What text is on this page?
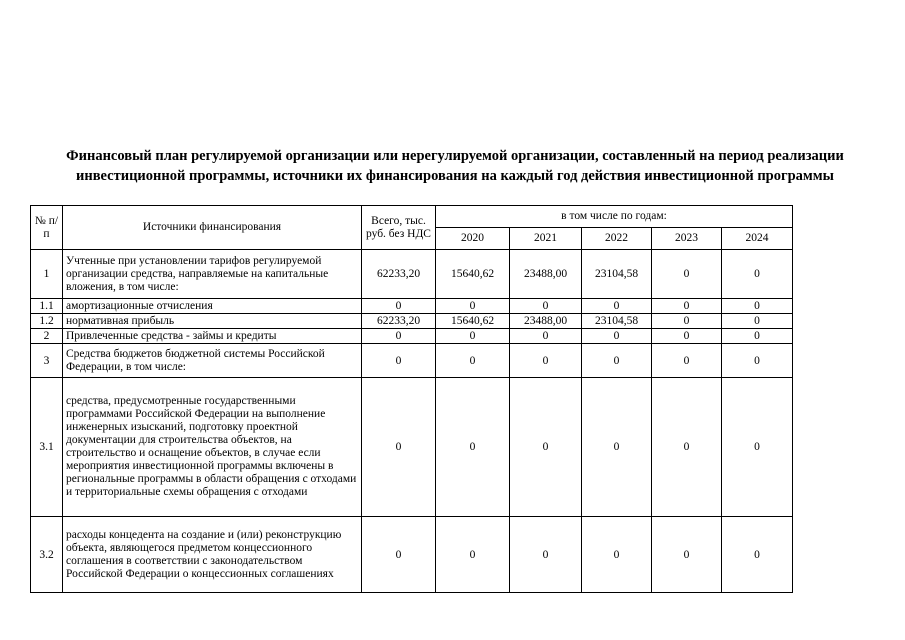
Финансовый план регулируемой организации или нерегулируемой организации, составленный на период реализации инвестиционной программы, источники их финансирования на каждый год действия инвестиционной программы
№ п/п	Источники финансирования	Всего, тыс. руб. без НДС	в том числе по годам:				
			2020	2021	2022	2023	2024
1	Учтенные при установлении тарифов регулируемой организации средства, направляемые на капитальные вложения, в том числе:	62233,20	15640,62	23488,00	23104,58	0	0
1.1	амортизационные отчисления	0	0	0	0	0	0
1.2	нормативная прибыль	62233,20	15640,62	23488,00	23104,58	0	0
2	Привлеченные средства - займы и кредиты	0	0	0	0	0	0
3	Средства бюджетов бюджетной системы Российской Федерации, в том числе:	0	0	0	0	0	0
3.1	средства, предусмотренные государственными программами Российской Федерации на выполнение инженерных изысканий, подготовку проектной документации для строительства объектов, на строительство и оснащение объектов, в случае если мероприятия инвестиционной программы включены в региональные программы в области обращения с отходами и территориальные схемы обращения с отходами	0	0	0	0	0	0
3.2	расходы концедента на создание и (или) реконструкцию объекта, являющегося предметом концессионного соглашения в соответствии с законодательством Российской Федерации о концессионных соглашениях	0	0	0	0	0	0
